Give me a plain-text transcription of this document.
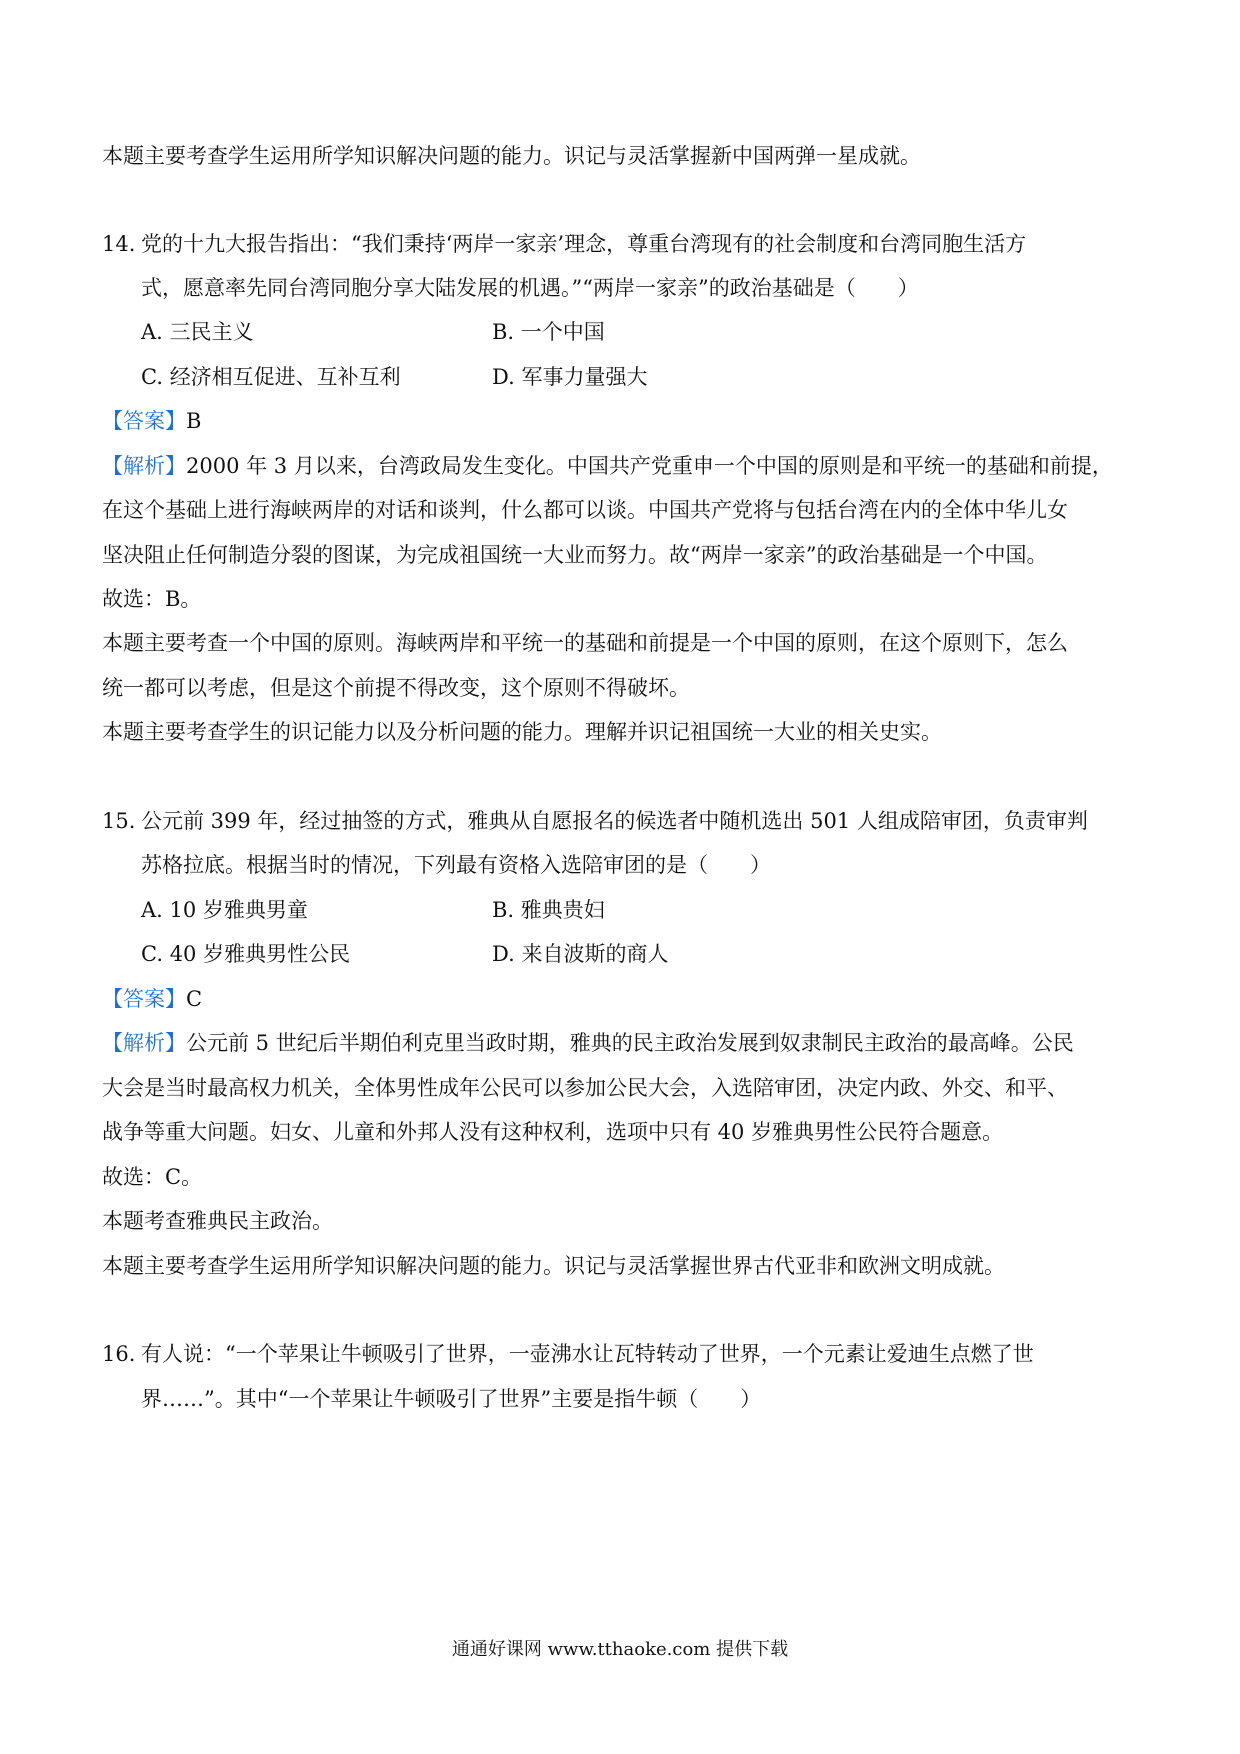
本题主要考查学生运用所学知识解决问题的能力。识记与灵活掌握新中国两弹一星成就。
14. 党的十九大报告指出：“我们秉持‘两岸一家亲’理念，尊重台湾现有的社会制度和台湾同胞生活方
式，愿意率先同台湾同胞分享大陆发展的机遇。”“两岸一家亲”的政治基础是（　　）
A. 三民主义	B. 一个中国
C. 经济相互促进、互补互利	D. 军事力量强大
【答案】B
【解析】2000 年 3 月以来，台湾政局发生变化。中国共产党重申一个中国的原则是和平统一的基础和前提，
在这个基础上进行海峡两岸的对话和谈判，什么都可以谈。中国共产党将与包括台湾在内的全体中华儿女
坚决阻止任何制造分裂的图谋，为完成祖国统一大业而努力。故“两岸一家亲”的政治基础是一个中国。
故选：B。
本题主要考查一个中国的原则。海峡两岸和平统一的基础和前提是一个中国的原则，在这个原则下，怎么
统一都可以考虑，但是这个前提不得改变，这个原则不得破坏。
本题主要考查学生的识记能力以及分析问题的能力。理解并识记祖国统一大业的相关史实。
15. 公元前 399 年，经过抽签的方式，雅典从自愿报名的候选者中随机选出 501 人组成陪审团，负责审判
苏格拉底。根据当时的情况，下列最有资格入选陪审团的是（　　）
A. 10 岁雅典男童	B. 雅典贵妇
C. 40 岁雅典男性公民	D. 来自波斯的商人
【答案】C
【解析】公元前 5 世纪后半期伯利克里当政时期，雅典的民主政治发展到奴隶制民主政治的最高峰。公民
大会是当时最高权力机关，全体男性成年公民可以参加公民大会，入选陪审团，决定内政、外交、和平、
战争等重大问题。妇女、儿童和外邦人没有这种权利，选项中只有 40 岁雅典男性公民符合题意。
故选：C。
本题考查雅典民主政治。
本题主要考查学生运用所学知识解决问题的能力。识记与灵活掌握世界古代亚非和欧洲文明成就。
16. 有人说：“一个苹果让牛顿吸引了世界，一壶沸水让瓦特转动了世界，一个元素让爱迪生点燃了世
界……”。其中“一个苹果让牛顿吸引了世界”主要是指牛顿（　　）
通通好课网 www.tthaoke.com 提供下载
